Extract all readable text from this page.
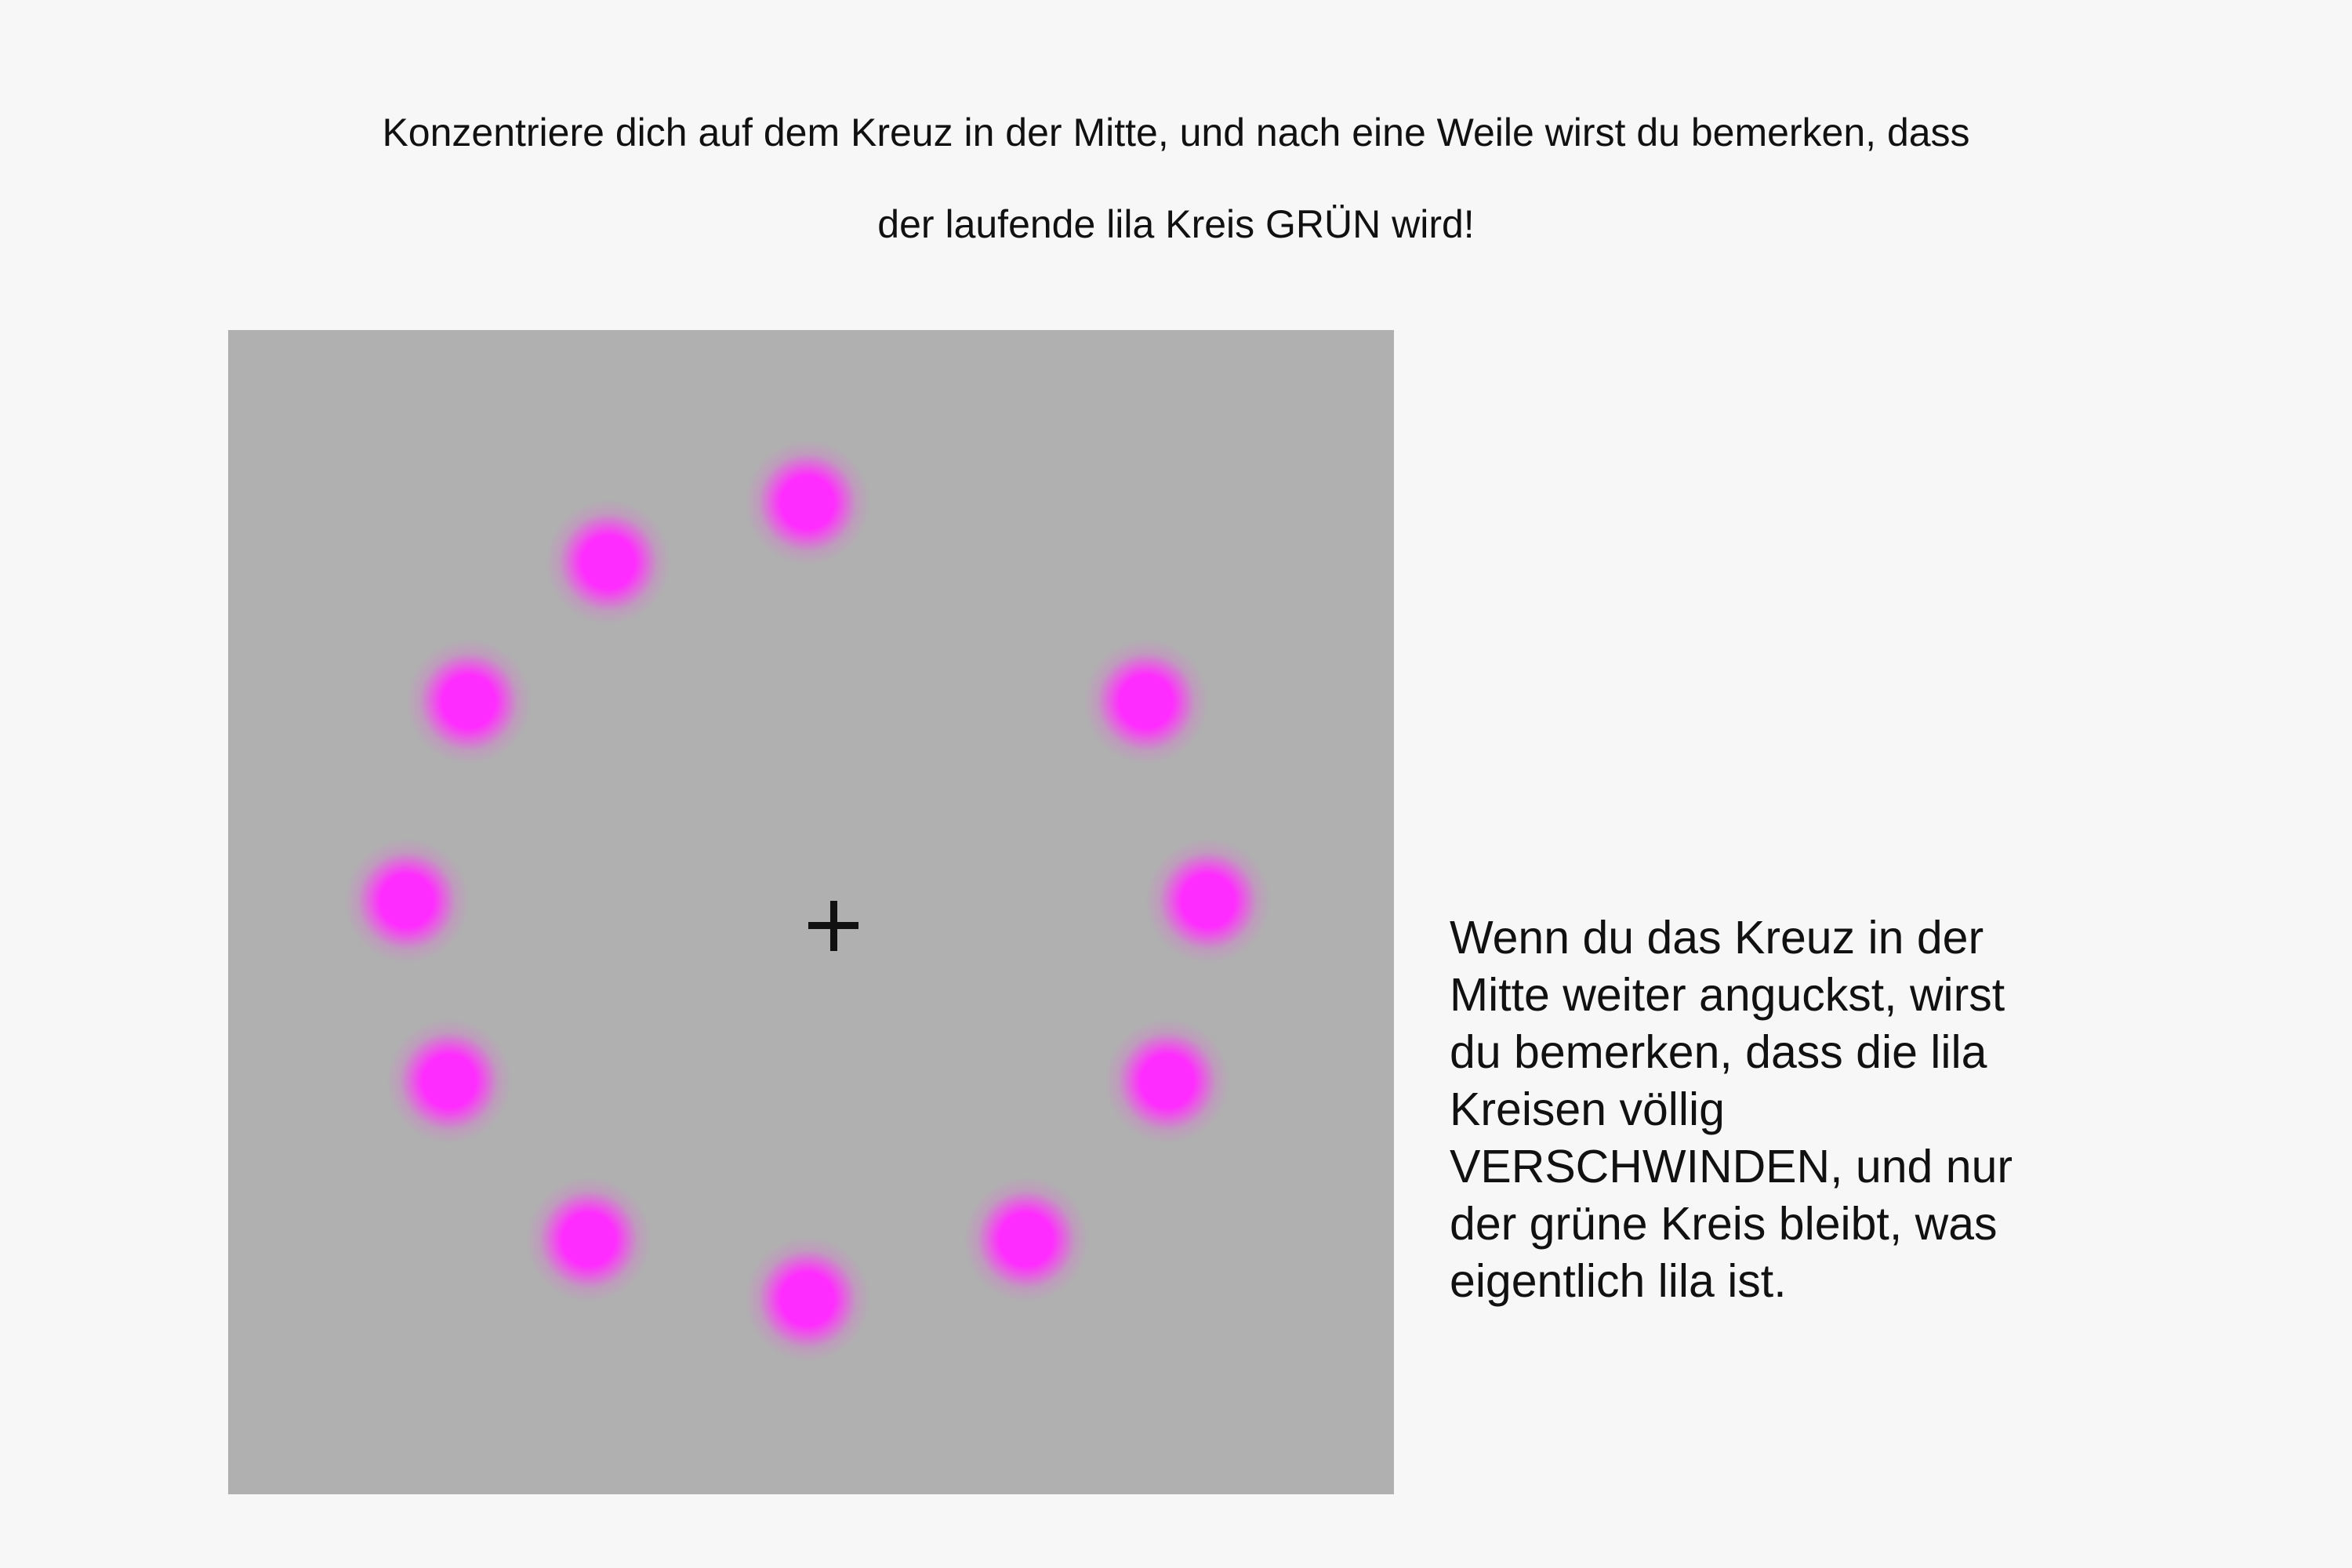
Konzentriere dich auf dem Kreuz in der Mitte, und nach eine Weile wirst du bemerken, dass
der laufende lila Kreis GRÜN wird!
Wenn du das Kreuz in der
Mitte weiter anguckst, wirst
du bemerken, dass die lila
Kreisen völlig
VERSCHWINDEN, und nur
der grüne Kreis bleibt, was
eigentlich lila ist.
